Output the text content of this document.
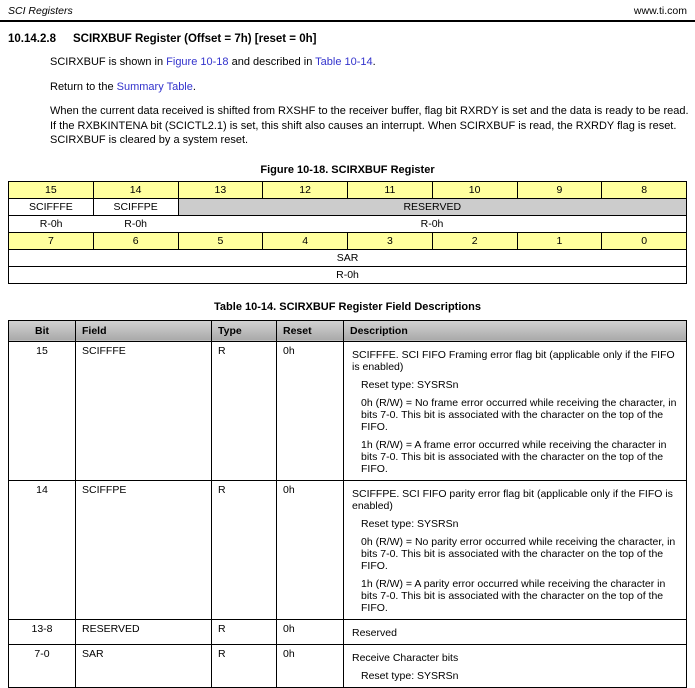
SCI Registers	www.ti.com
10.14.2.8 SCIRXBUF Register (Offset = 7h) [reset = 0h]

SCIRXBUF is shown in Figure 10-18 and described in Table 10-14.

Return to the Summary Table.

When the current data received is shifted from RXSHF to the receiver buffer, flag bit RXRDY is set and the data is ready to be read. If the RXBKINTENA bit (SCICTL2.1) is set, this shift also causes an interrupt. When SCIRXBUF is read, the RXRDY flag is reset. SCIRXBUF is cleared by a system reset.

Figure 10-18. SCIRXBUF Register
15	14	13	12	11	10	9	8
SCIFFFE	SCIFFPE	RESERVED					
R-0h	R-0h	R-0h					
7	6	5	4	3	2	1	0
SAR							
R-0h							
Table 10-14. SCIRXBUF Register Field Descriptions
Bit	Field	Type	Reset	Description
15	SCIFFFE	R	0h	SCIFFFE. SCI FIFO Framing error flag bit (applicable only if the FIFO is enabled)

Reset type: SYSRSn

0h (R/W) = No frame error occurred while receiving the character, in bits 7-0. This bit is associated with the character on the top of the FIFO.

1h (R/W) = A frame error occurred while receiving the character in bits 7-0. This bit is associated with the character on the top of the FIFO.

14	SCIFFPE	R	0h	SCIFFPE. SCI FIFO parity error flag bit (applicable only if the FIFO is enabled)

Reset type: SYSRSn

0h (R/W) = No parity error occurred while receiving the character, in bits 7-0. This bit is associated with the character on the top of the FIFO.

1h (R/W) = A parity error occurred while receiving the character in bits 7-0. This bit is associated with the character on the top of the FIFO.

13-8	RESERVED	R	0h	Reserved

7-0	SAR	R	0h	Receive Character bits

Reset type: SYSRSn
